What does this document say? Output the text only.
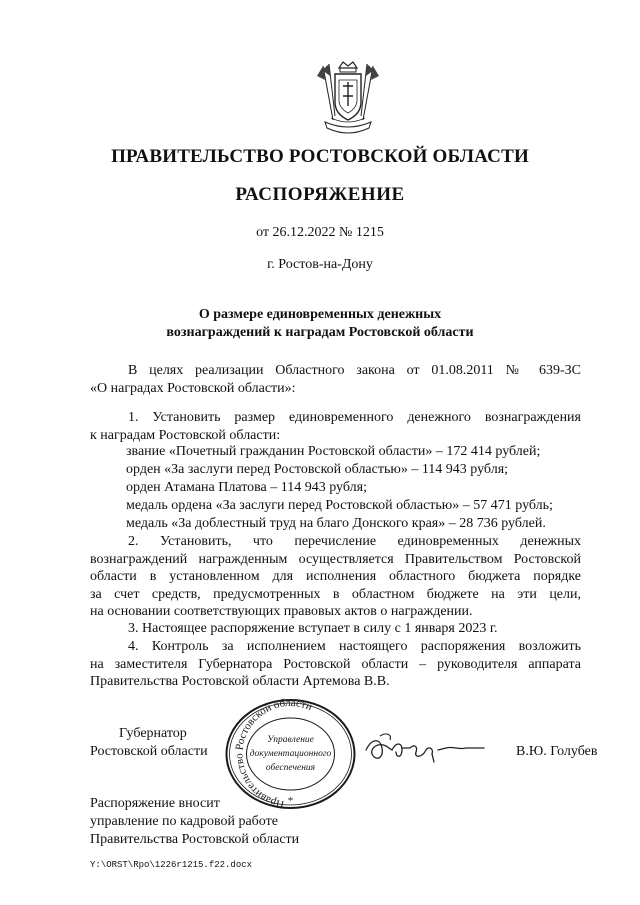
ПРАВИТЕЛЬСТВО РОСТОВСКОЙ ОБЛАСТИ
РАСПОРЯЖЕНИЕ
от 26.12.2022 № 1215
г. Ростов-на-Дону
О размере единовременных денежных
вознаграждений к наградам Ростовской области
В целях реализации Областного закона от 01.08.2011 № 639-ЗС
«О наградах Ростовской области»:
1. Установить размер единовременного денежного вознаграждения
к наградам Ростовской области:
звание «Почетный гражданин Ростовской области» – 172 414 рублей;
орден «За заслуги перед Ростовской областью» – 114 943 рубля;
орден Атамана Платова – 114 943 рубля;
медаль ордена «За заслуги перед Ростовской областью» – 57 471 рубль;
медаль «За доблестный труд на благо Донского края» – 28 736 рублей.
2. Установить, что перечисление единовременных денежных
вознаграждений награжденным осуществляется Правительством Ростовской
области в установленном для исполнения областного бюджета порядке
за счет средств, предусмотренных в областном бюджете на эти цели,
на основании соответствующих правовых актов о награждении.
3. Настоящее распоряжение вступает в силу с 1 января 2023 г.
4. Контроль за исполнением настоящего распоряжения возложить
на заместителя Губернатора Ростовской области – руководителя аппарата
Правительства Ростовской области Артемова В.В.
Губернатор
Ростовской области	В.Ю. Голубев
Правительство Ростовской области
Управление
документационного
обеспечения
*
Распоряжение вносит
управление по кадровой работе
Правительства Ростовской области
Y:\ORST\Rpo\1226r1215.f22.docx
